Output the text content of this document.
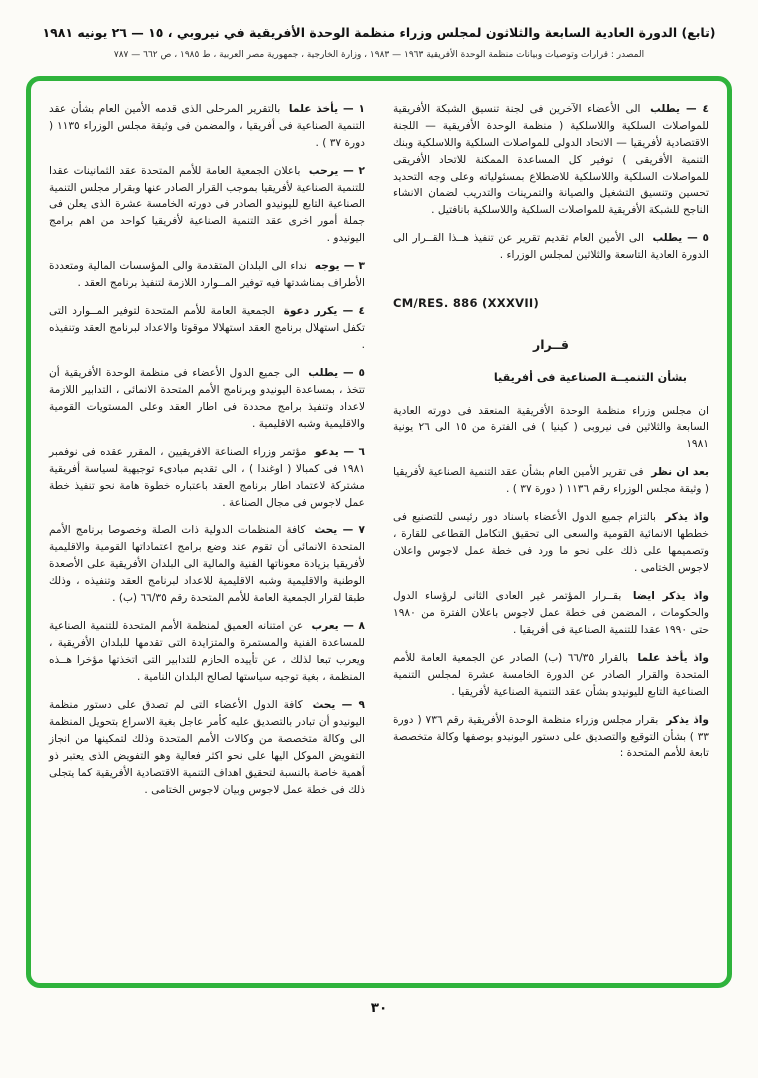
(تابع) الدورة العادية السابعة والثلاثون لمجلس وزراء منظمة الوحدة الأفريقية في نيروبي ، ١٥ — ٢٦ يونيه ١٩٨١
المصدر : قرارات وتوصيات وبيانات منظمة الوحدة الأفريقية ١٩٦٣ — ١٩٨٣ ، وزارة الخارجية ، جمهورية مصر العربية ، ط ١٩٨٥ ، ص ٦٦٢ — ٧٨٧

٤ — يطلب الى الأعضاء الآخرين فى لجنة تنسيق الشبكة الأفريقية للمواصلات السلكية واللاسلكية ( منظمة الوحدة الأفريقية — اللجنة الاقتصادية لأفريقيا — الاتحاد الدولى للمواصلات السلكية واللاسلكية وبنك التنمية الأفريقى ) توفير كل المساعدة الممكنة للاتحاد الأفريقى للمواصلات السلكية واللاسلكية للاضطلاع بمسئولياته وعلى وجه التحديد تحسين وتنسيق التشغيل والصيانة والتمرينات والتدريب لضمان الانشاء الناجح للشبكة الأفريقية للمواصلات السلكية واللاسلكية بانافتيل .

٥ — يطلب الى الأمين العام تقديم تقرير عن تنفيذ هــذا القــرار الى الدورة العادية التاسعة والثلاثين لمجلس الوزراء .

CM/RES. 886 (XXXVII)

قــرار

بشأن التنميــة الصناعية فى أفريقيا

ان مجلس وزراء منظمة الوحدة الأفريقية المنعقد فى دورته العادية السابعة والثلاثين فى نيروبى ( كينيا ) فى الفترة من ١٥ الى ٢٦ يونية ١٩٨١

بعد ان نظر فى تقرير الأمين العام بشأن عقد التنمية الصناعية لأفريقيا ( وثيقة مجلس الوزراء رقم ١١٣٦ ( دورة ٣٧ ) .

واذ يذكر بالتزام جميع الدول الأعضاء باسناد دور رئيسى للتصنيع فى خططها الانمائية القومية والسعى الى تحقيق التكامل القطاعى للقارة ، وتصميمها على ذلك على نحو ما ورد فى خطة عمل لاجوس واعلان لاجوس الختامى .

واذ يذكر ايضا بقــرار المؤتمر غير العادى الثانى لرؤساء الدول والحكومات ، المضمن فى خطة عمل لاجوس باعلان الفترة من ١٩٨٠ حتى ١٩٩٠ عقدا للتنمية الصناعية فى أفريقيا .

واذ يأخذ علما بالقرار ٦٦/٣٥ (ب) الصادر عن الجمعية العامة للأمم المتحدة والقرار الصادر عن الدورة الخامسة عشرة لمجلس التنمية الصناعية التابع لليونيدو بشأن عقد التنمية الصناعية لأفريقيا .

واذ يذكر بقرار مجلس وزراء منظمة الوحدة الأفريقية رقم ٧٣٦ ( دورة ٣٣ ) بشأن التوقيع والتصديق على دستور اليونيدو بوصفها وكالة متخصصة تابعة للأمم المتحدة :

١ — يأخذ علما بالتقرير المرحلى الذى قدمه الأمين العام بشأن عقد التنمية الصناعية فى أفريقيا ، والمضمن فى وثيقة مجلس الوزراء ١١٣٥ ( دورة ٣٧ ) .

٢ — يرحب باعلان الجمعية العامة للأمم المتحدة عقد الثمانينات عقدا للتنمية الصناعية لأفريقيا بموجب القرار الصادر عنها وبقرار مجلس التنمية الصناعية التابع لليونيدو الصادر فى دورته الخامسة عشرة الذى يعلن فى جملة أمور اخرى عقد التنمية الصناعية لأفريقيا كواحد من اهم برامج اليونيدو .

٣ — يوجه نداء الى البلدان المتقدمة والى المؤسسات المالية ومتعددة الأطراف بمناشدتها فيه توفير المــوارد اللازمة لتنفيذ برنامج العقد .

٤ — يكرر دعوة الجمعية العامة للأمم المتحدة لتوفير المــوارد التى تكفل استهلال برنامج العقد استهلالا موقوتا والاعداد لبرنامج العقد وتنفيذه .

٥ — يطلب الى جميع الدول الأعضاء فى منظمة الوحدة الأفريقية أن تتخذ ، بمساعدة اليونيدو وبرنامج الأمم المتحدة الانمائى ، التدابير اللازمة لاعداد وتنفيذ برامج محددة فى اطار العقد وعلى المستويات القومية والاقليمية وشبه الاقليمية .

٦ — يدعو مؤتمر وزراء الصناعة الافريقيين ، المقرر عقده فى نوفمبر ١٩٨١ فى كمبالا ( اوغندا ) ، الى تقديم مبادىء توجيهية لسياسة أفريقية مشتركة لاعتماد اطار برنامج العقد باعتباره خطوة هامة نحو تنفيذ خطة عمل لاجوس فى مجال الصناعة .

٧ — يحث كافة المنظمات الدولية ذات الصلة وخصوصا برنامج الأمم المتحدة الانمائى أن تقوم عند وضع برامج اعتماداتها القومية والاقليمية لأفريقيا بزيادة معوناتها الفنية والمالية الى البلدان الأفريقية على الأصعدة الوطنية والاقليمية وشبه الاقليمية للاعداد لبرنامج العقد وتنفيذه ، وذلك طبقا لقرار الجمعية العامة للأمم المتحدة رقم ٦٦/٣٥ (ب) .

٨ — يعرب عن امتنانه العميق لمنظمة الأمم المتحدة للتنمية الصناعية للمساعدة الفنية والمستمرة والمتزايدة التى تقدمها للبلدان الأفريقية ، ويعرب تبعا لذلك ، عن تأييده الحازم للتدابير التى اتخذتها مؤخرا هــذه المنظمة ، بغية توجيه سياستها لصالح البلدان النامية .

٩ — يحث كافة الدول الأعضاء التى لم تصدق على دستور منظمة اليونيدو أن تبادر بالتصديق عليه كأمر عاجل بغية الاسراع بتحويل المنظمة الى وكالة متخصصة من وكالات الأمم المتحدة وذلك لتمكينها من انجاز التفويض الموكل اليها على نحو اكثر فعالية وهو التفويض الذى يعتبر ذو أهمية خاصة بالنسبة لتحقيق اهداف التنمية الاقتصادية الأفريقية كما يتجلى ذلك فى خطة عمل لاجوس وبيان لاجوس الختامى .

٣٠
